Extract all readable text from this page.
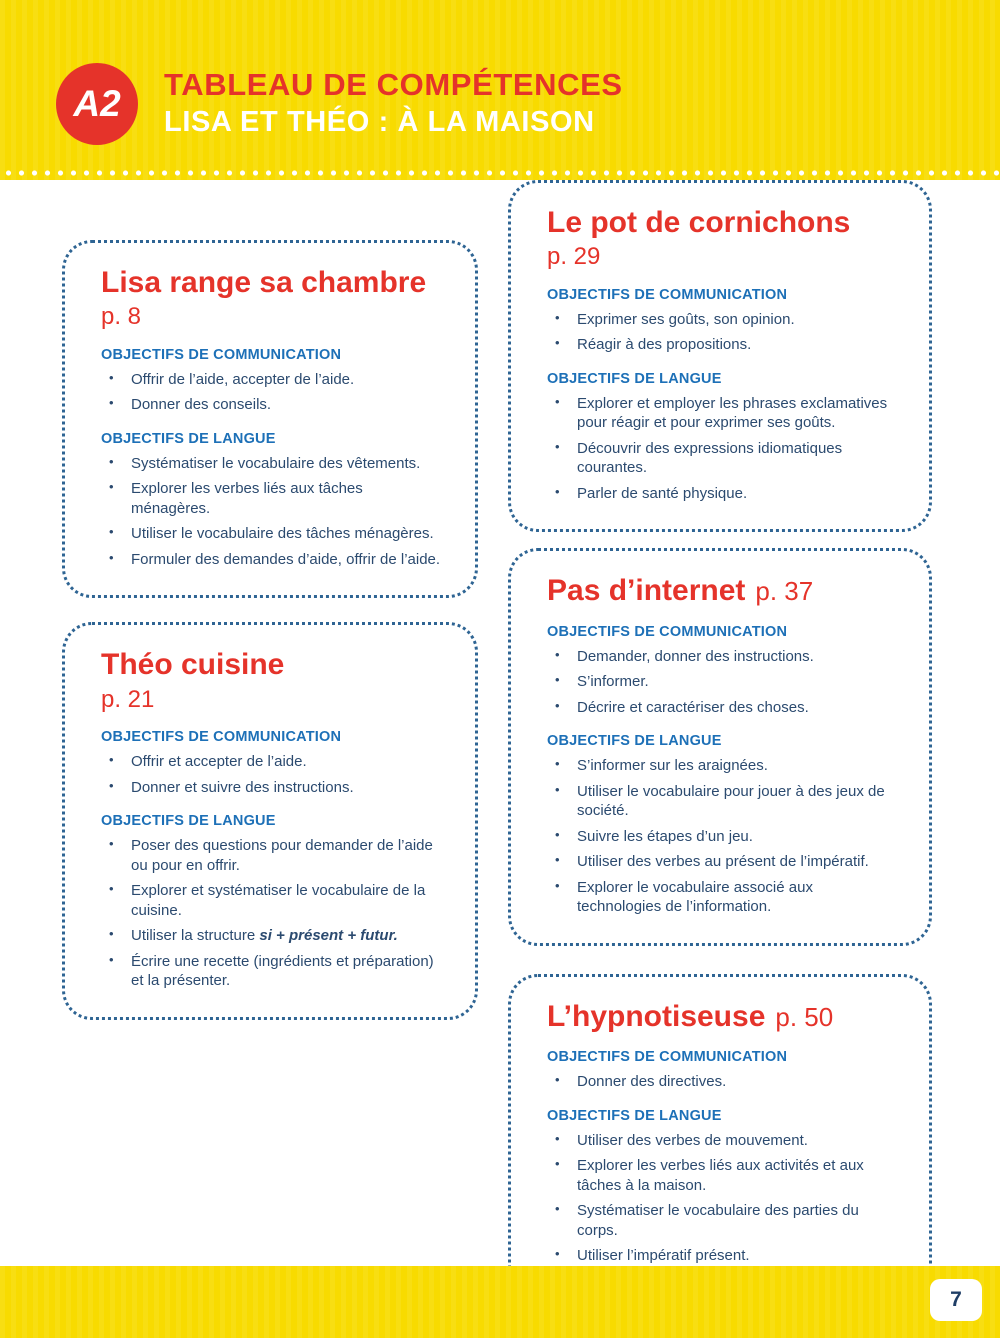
A2 TABLEAU DE COMPÉTENCES
LISA ET THÉO : À LA MAISON
Lisa range sa chambre
p. 8
OBJECTIFS DE COMMUNICATION
• Offrir de l’aide, accepter de l’aide.
• Donner des conseils.
OBJECTIFS DE LANGUE
• Systématiser le vocabulaire des vêtements.
• Explorer les verbes liés aux tâches ménagères.
• Utiliser le vocabulaire des tâches ménagères.
• Formuler des demandes d’aide, offrir de l’aide.
Théo cuisine
p. 21
OBJECTIFS DE COMMUNICATION
• Offrir et accepter de l’aide.
• Donner et suivre des instructions.
OBJECTIFS DE LANGUE
• Poser des questions pour demander de l’aide ou pour en offrir.
• Explorer et systématiser le vocabulaire de la cuisine.
• Utiliser la structure si + présent + futur.
• Écrire une recette (ingrédients et préparation) et la présenter.
Le pot de cornichons
p. 29
OBJECTIFS DE COMMUNICATION
• Exprimer ses goûts, son opinion.
• Réagir à des propositions.
OBJECTIFS DE LANGUE
• Explorer et employer les phrases exclamatives pour réagir et pour exprimer ses goûts.
• Découvrir des expressions idiomatiques courantes.
• Parler de santé physique.
Pas d’internet p. 37
OBJECTIFS DE COMMUNICATION
• Demander, donner des instructions.
• S’informer.
• Décrire et caractériser des choses.
OBJECTIFS DE LANGUE
• S’informer sur les araignées.
• Utiliser le vocabulaire pour jouer à des jeux de société.
• Suivre les étapes d’un jeu.
• Utiliser des verbes au présent de l’impératif.
• Explorer le vocabulaire associé aux technologies de l’information.
L’hypnotiseuse p. 50
OBJECTIFS DE COMMUNICATION
• Donner des directives.
OBJECTIFS DE LANGUE
• Utiliser des verbes de mouvement.
• Explorer les verbes liés aux activités et aux tâches à la maison.
• Systématiser le vocabulaire des parties du corps.
• Utiliser l’impératif présent.
7
